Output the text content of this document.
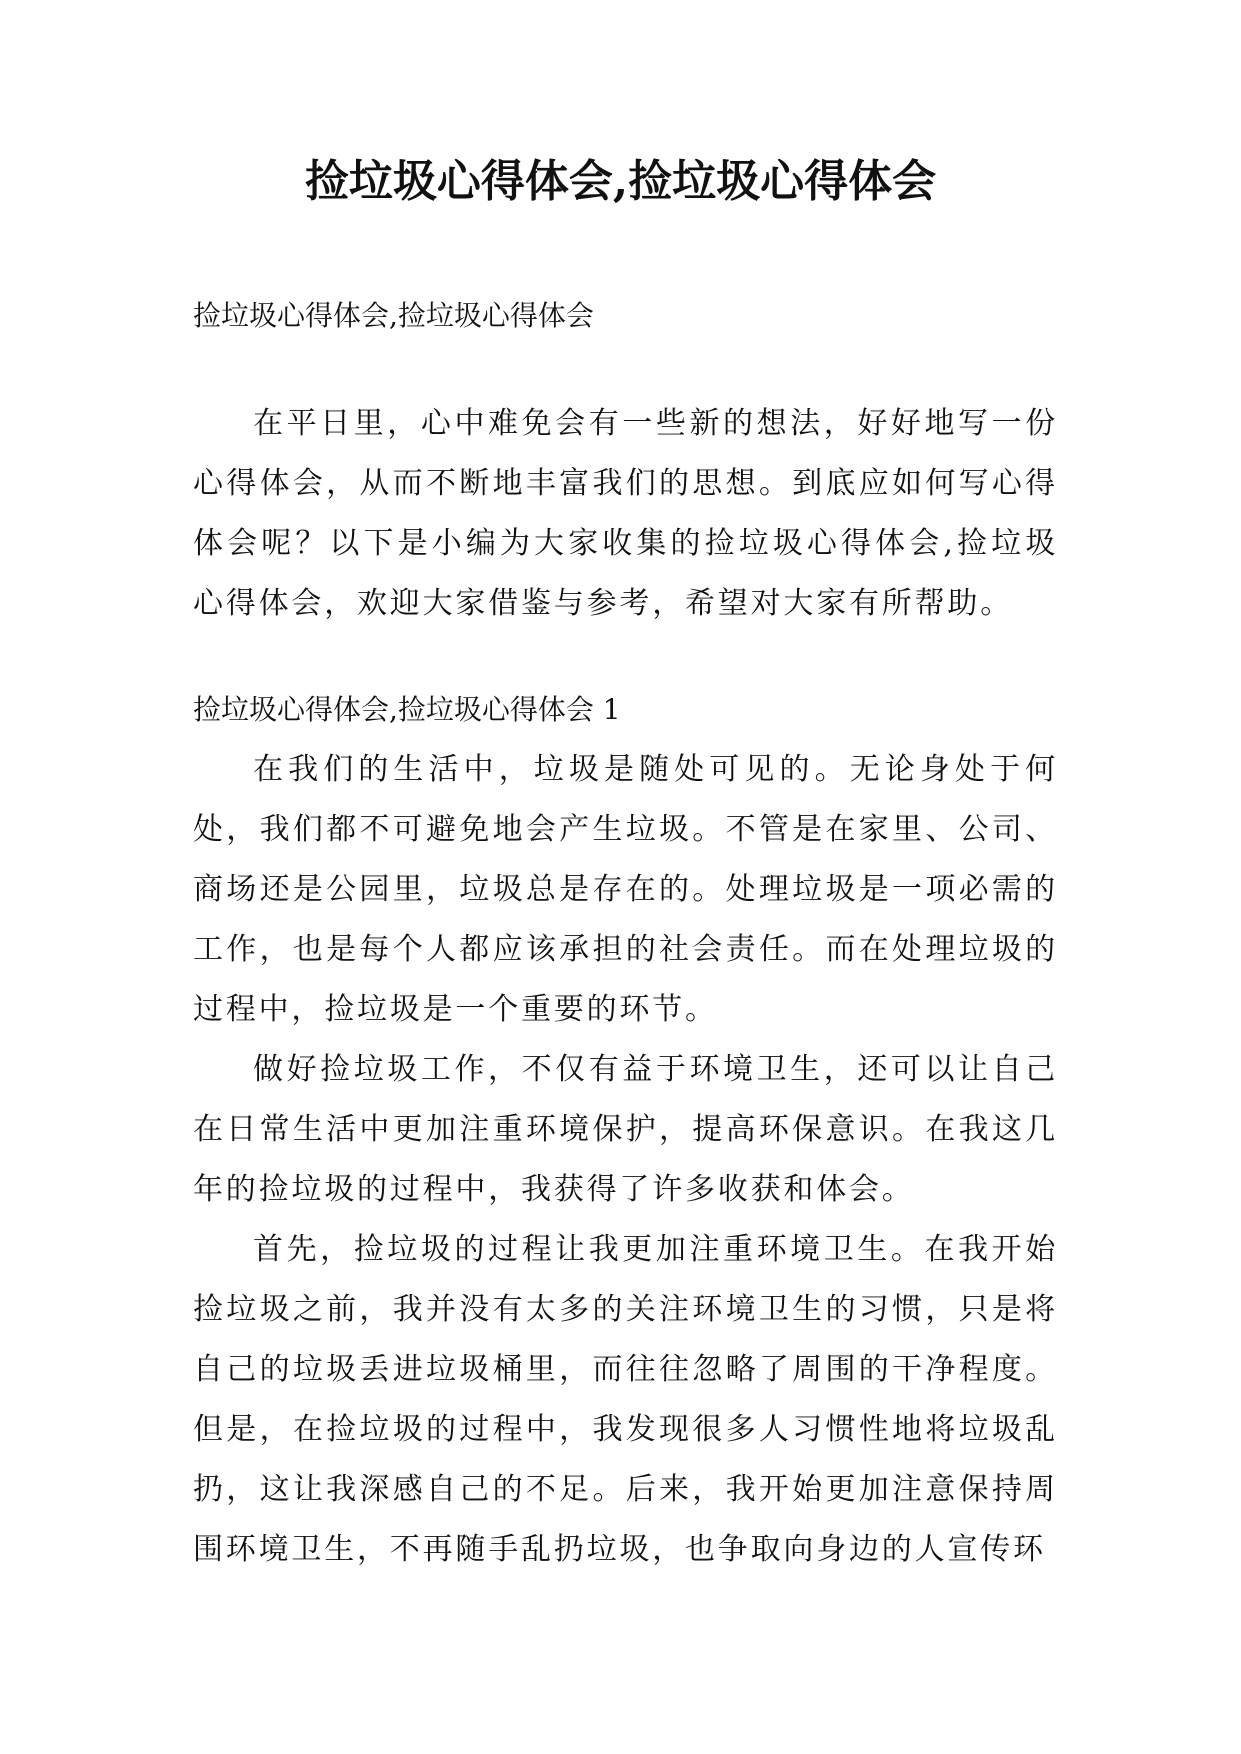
捡垃圾心得体会,捡垃圾心得体会

捡垃圾心得体会,捡垃圾心得体会

在平日里，心中难免会有一些新的想法，好好地写一份心得体会，从而不断地丰富我们的思想。到底应如何写心得体会呢？以下是小编为大家收集的捡垃圾心得体会,捡垃圾心得体会，欢迎大家借鉴与参考，希望对大家有所帮助。

捡垃圾心得体会,捡垃圾心得体会 1

在我们的生活中，垃圾是随处可见的。无论身处于何处，我们都不可避免地会产生垃圾。不管是在家里、公司、商场还是公园里，垃圾总是存在的。处理垃圾是一项必需的工作，也是每个人都应该承担的社会责任。而在处理垃圾的过程中，捡垃圾是一个重要的环节。

做好捡垃圾工作，不仅有益于环境卫生，还可以让自己在日常生活中更加注重环境保护，提高环保意识。在我这几年的捡垃圾的过程中，我获得了许多收获和体会。

首先，捡垃圾的过程让我更加注重环境卫生。在我开始捡垃圾之前，我并没有太多的关注环境卫生的习惯，只是将自己的垃圾丢进垃圾桶里，而往往忽略了周围的干净程度。但是，在捡垃圾的过程中，我发现很多人习惯性地将垃圾乱扔，这让我深感自己的不足。后来，我开始更加注意保持周围环境卫生，不再随手乱扔垃圾，也争取向身边的人宣传环
